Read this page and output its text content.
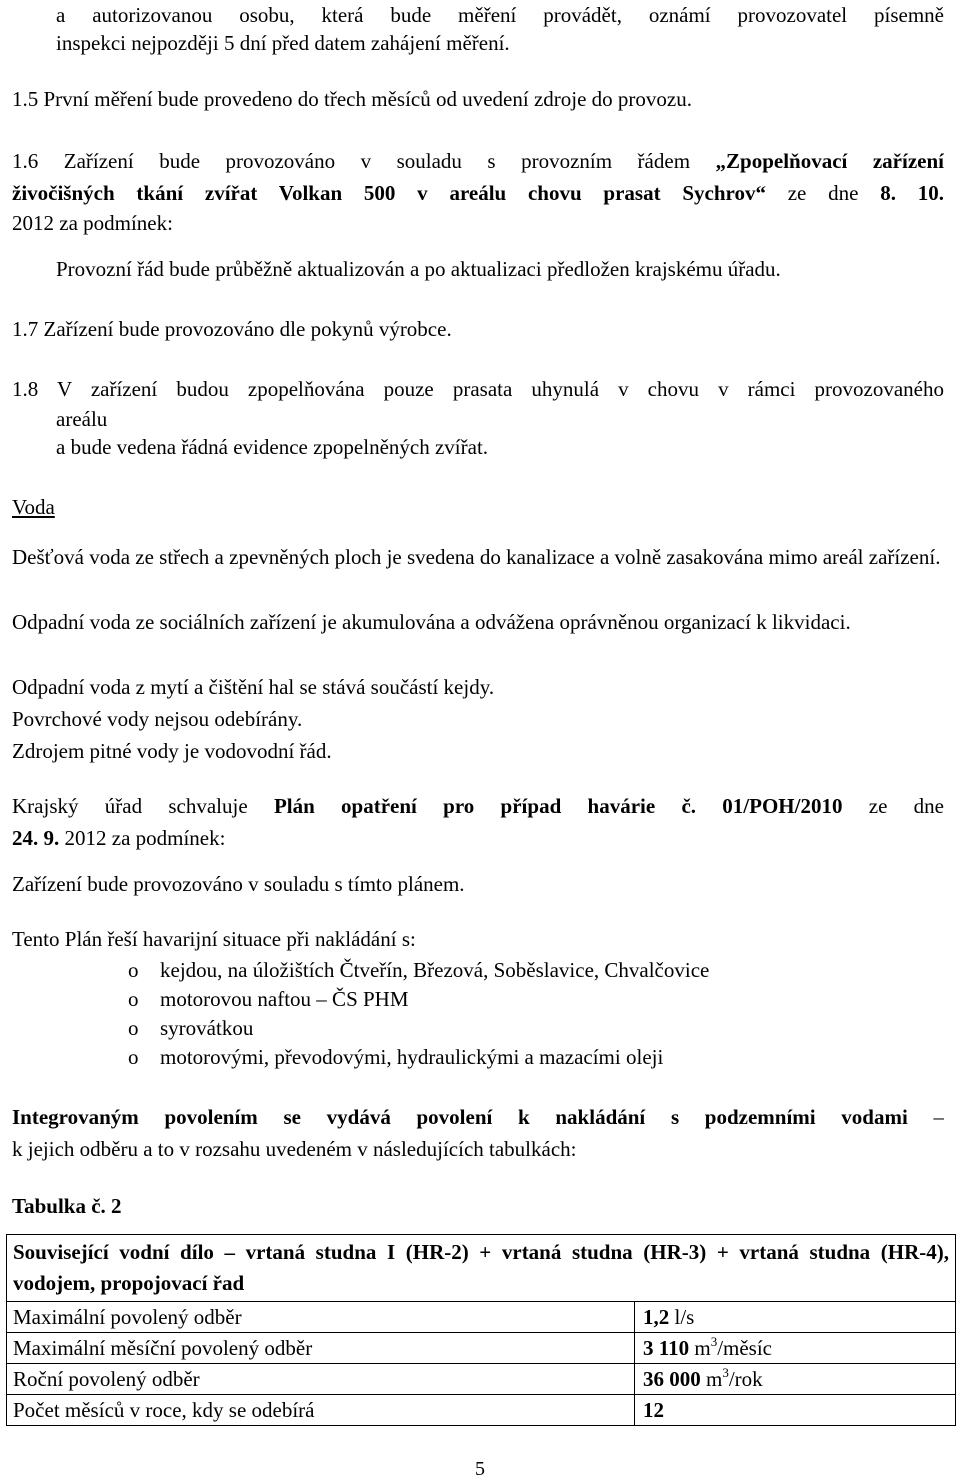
a autorizovanou osobu, která bude měření provádět, oznámí provozovatel písemně

inspekci nejpozději 5 dní před datem zahájení měření.

1.5 První měření bude provedeno do třech měsíců od uvedení zdroje do provozu.

1.6 Zařízení bude provozováno v souladu s provozním řádem „Zpopelňovací zařízení
živočišných tkání zvířat Volkan 500 v areálu chovu prasat Sychrov“ ze dne 8. 10.
2012 za podmínek:

Provozní řád bude průběžně aktualizován a po aktualizaci předložen krajskému úřadu.

1.7 Zařízení bude provozováno dle pokynů výrobce.

1.8 V zařízení budou zpopelňována pouze prasata uhynulá v chovu v rámci provozovaného

areálu

a bude vedena řádná evidence zpopelněných zvířat.

Voda

Dešťová voda ze střech a zpevněných ploch je svedena do kanalizace a volně zasakována mimo areál zařízení.

Odpadní voda ze sociálních zařízení je akumulována a odvážena oprávněnou organizací k likvidaci.

Odpadní voda z mytí a čištění hal se stává součástí kejdy.

Povrchové vody nejsou odebírány.

Zdrojem pitné vody je vodovodní řád.

Krajský úřad schvaluje Plán opatření pro případ havárie č. 01/POH/2010 ze dne
24. 9. 2012 za podmínek:

Zařízení bude provozováno v souladu s tímto plánem.

Tento Plán řeší havarijní situace při nakládání s:

o kejdou, na úložištích Čtveřín, Březová, Soběslavice, Chvalčovice
o motorovou naftou – ČS PHM
o syrovátkou
o motorovými, převodovými, hydraulickými a mazacími oleji
Integrovaným povolením se vydává povolení k nakládání s podzemními vodami –
k jejich odběru a to v rozsahu uvedeném v následujících tabulkách:

Tabulka č. 2

Související vodní dílo – vrtaná studna I (HR-2) + vrtaná studna (HR-3) + vrtaná studna (HR-4), vodojem, propojovací řad	
Maximální povolený odběr	1,2 l/s
Maximální měsíční povolený odběr	3 110 $m^3$/měsíc
Roční povolený odběr	36 000 $m^3$/rok
Počet měsíců v roce, kdy se odebírá	12
5
